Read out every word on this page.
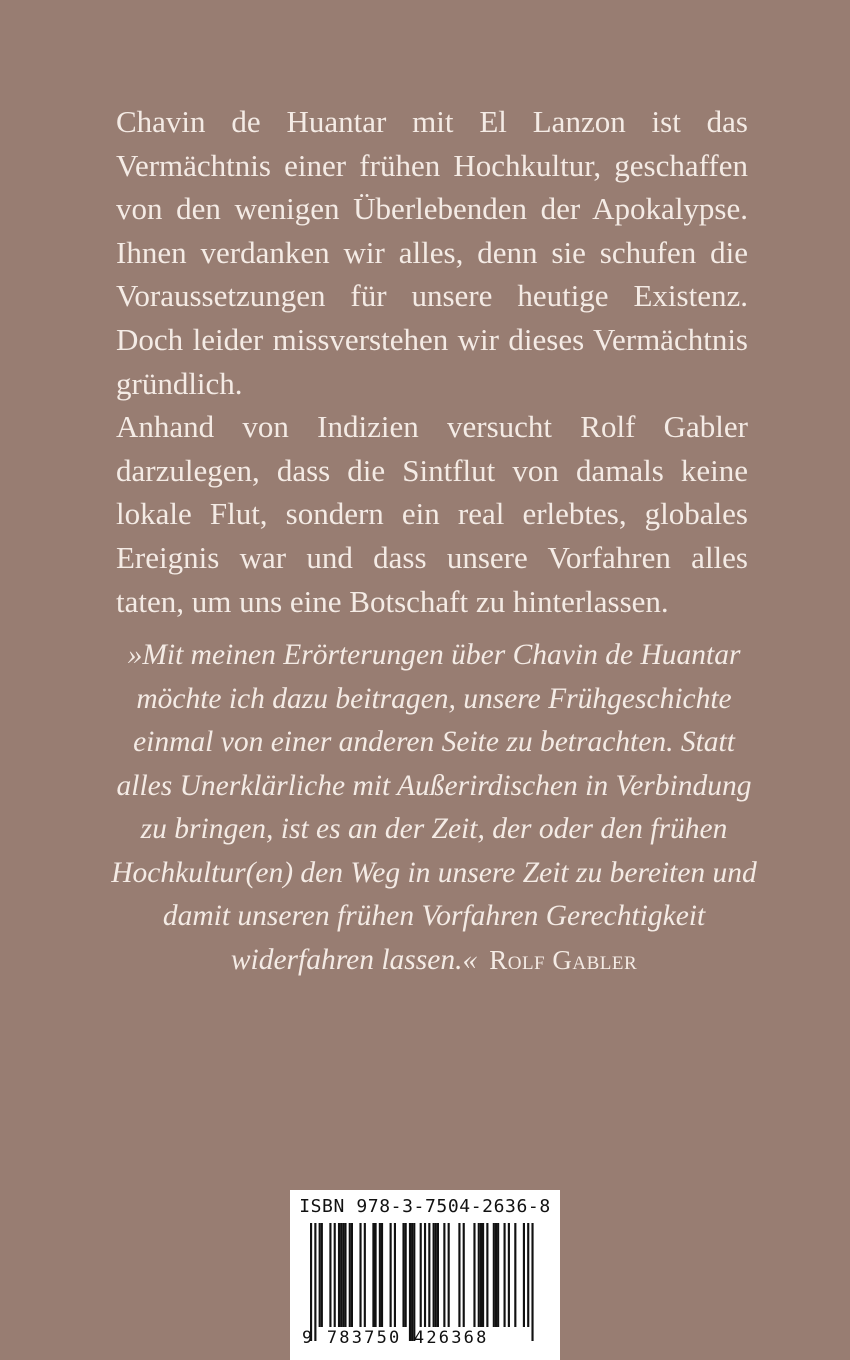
Chavin de Huantar mit El Lanzon ist das Vermächtnis einer frühen Hochkultur, geschaffen von den wenigen Überlebenden der Apokalypse. Ihnen verdanken wir alles, denn sie schufen die Voraussetzungen für unsere heutige Existenz. Doch leider missverstehen wir dieses Vermächtnis gründlich.

Anhand von Indizien versucht Rolf Gabler darzulegen, dass die Sintflut von damals keine lokale Flut, sondern ein real erlebtes, globales Ereignis war und dass unsere Vorfahren alles taten, um uns eine Botschaft zu hinterlassen.

»Mit meinen Erörterungen über Chavin de Huantar möchte ich dazu beitragen, unsere Frühgeschichte einmal von einer anderen Seite zu betrachten. Statt alles Unerklärliche mit Außerirdischen in Verbindung zu bringen, ist es an der Zeit, der oder den frühen Hochkultur(en) den Weg in unsere Zeit zu bereiten und damit unseren frühen Vorfahren Gerechtigkeit widerfahren lassen.« Rolf Gabler
ISBN 978-3-7504-2636-8
9 783750 426368
